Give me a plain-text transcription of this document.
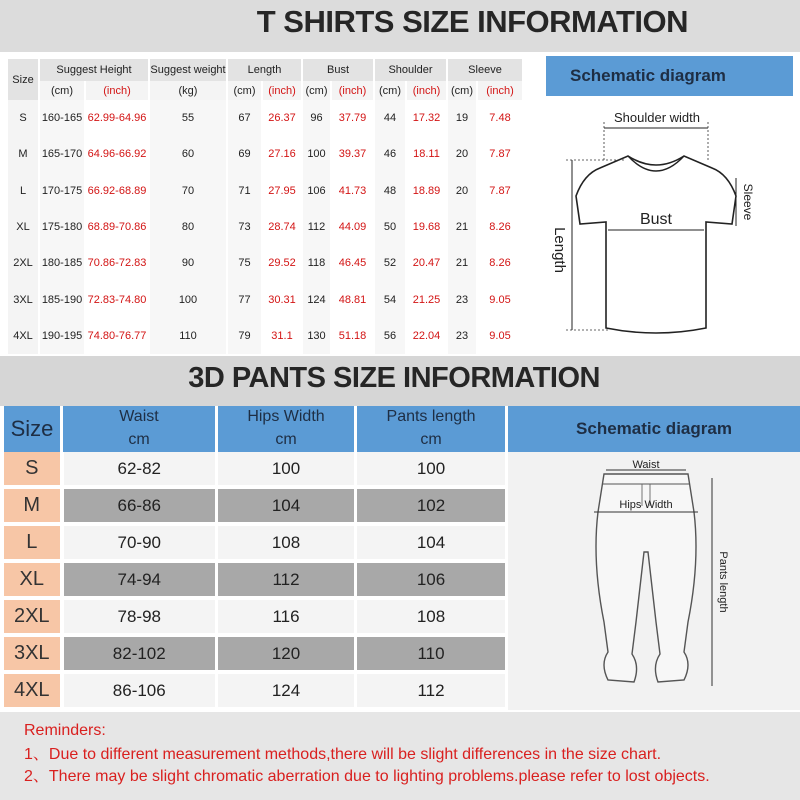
T SHIRTS SIZE INFORMATION
Size	Suggest Height		Suggest weight	Length		Bust		Shoulder		Sleeve	
	(cm)	(inch)	(kg)	(cm)	(inch)	(cm)	(inch)	(cm)	(inch)	(cm)	(inch)
S	160-165	62.99-64.96	55	67	26.37	96	37.79	44	17.32	19	7.48
M	165-170	64.96-66.92	60	69	27.16	100	39.37	46	18.11	20	7.87
L	170-175	66.92-68.89	70	71	27.95	106	41.73	48	18.89	20	7.87
XL	175-180	68.89-70.86	80	73	28.74	112	44.09	50	19.68	21	8.26
2XL	180-185	70.86-72.83	90	75	29.52	118	46.45	52	20.47	21	8.26
3XL	185-190	72.83-74.80	100	77	30.31	124	48.81	54	21.25	23	9.05
4XL	190-195	74.80-76.77	110	79	31.1	130	51.18	56	22.04	23	9.05
Schematic diagram
Shoulder width
Bust
Length
Sleeve
3D PANTS SIZE INFORMATION
Size	Waist	Hips Width	Pants length
	cm	cm	cm
S	62-82	100	100
M	66-86	104	102
L	70-90	108	104
XL	74-94	112	106
2XL	78-98	116	108
3XL	82-102	120	110
4XL	86-106	124	112
Schematic diagram
Waist
Hips Width
Pants length
Reminders:
1、Due to different measurement methods,there will be slight differences in the size chart.
2、There may be slight chromatic aberration due to lighting problems.please refer to lost objects.
